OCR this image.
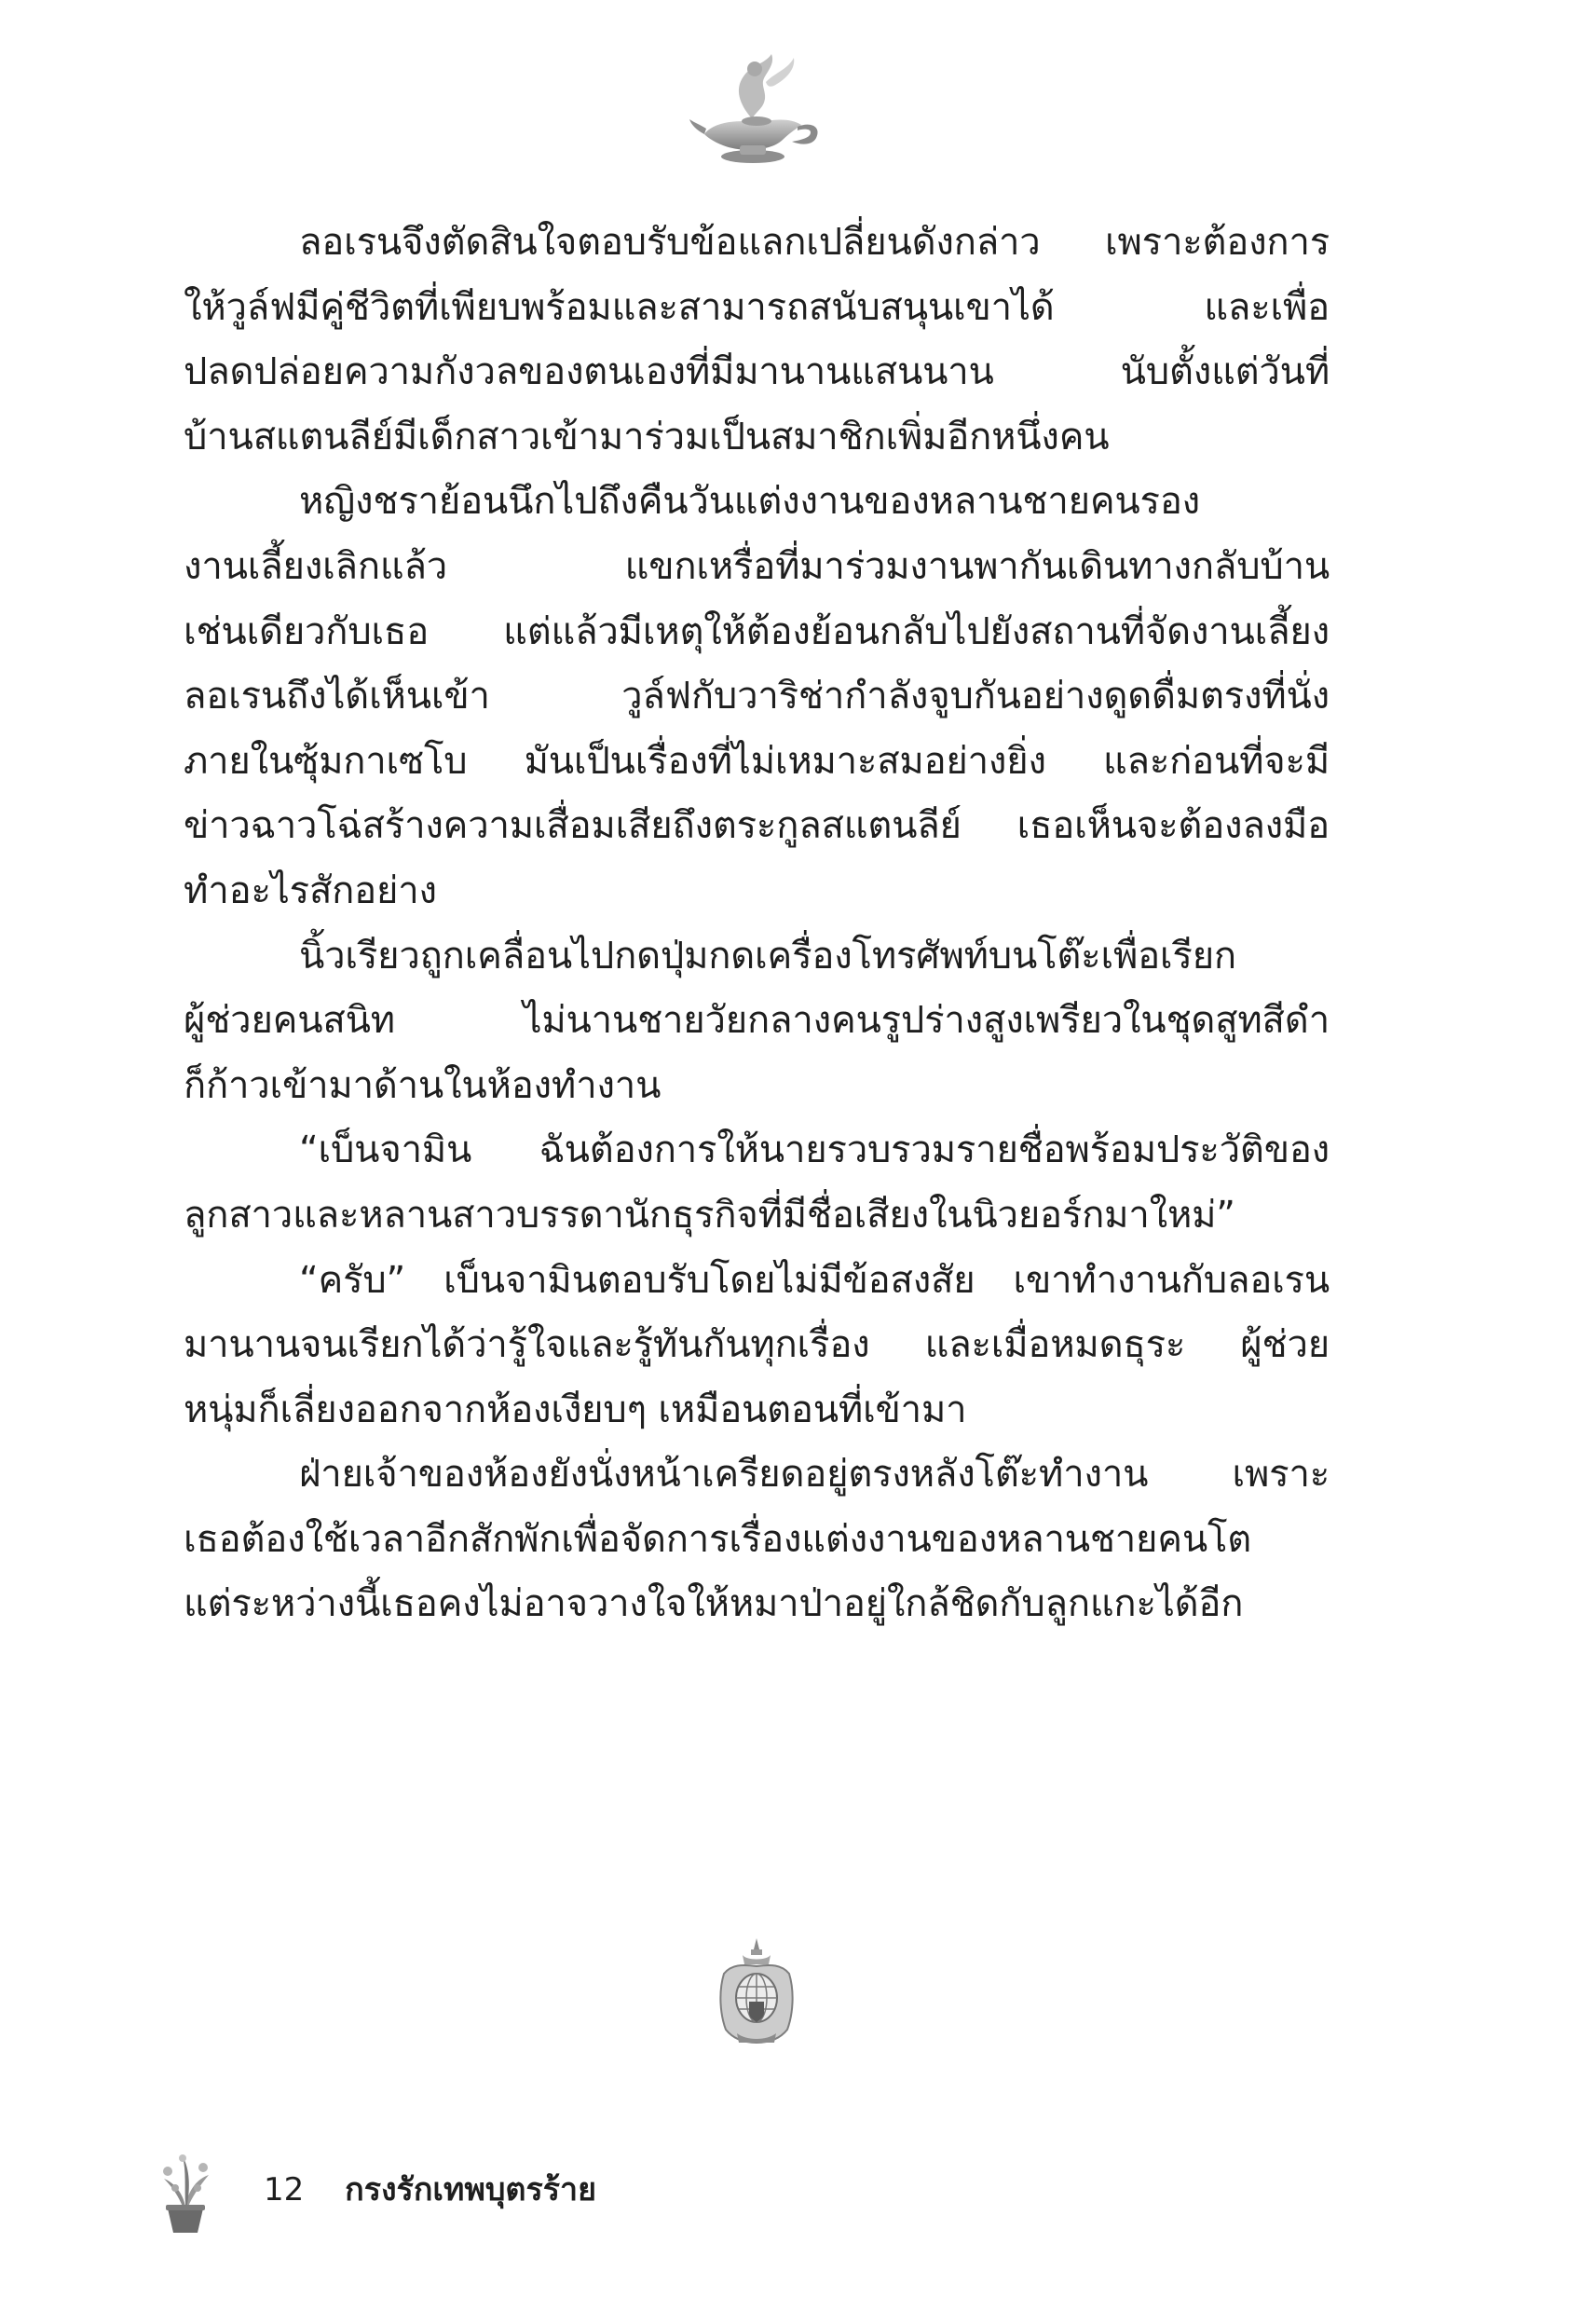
ลอเรนจึงตัดสินใจตอบรับข้อแลกเปลี่ยนดังกล่าว เพราะต้องการ
ให้วูล์ฟมีคู่ชีวิตที่เพียบพร้อมและสามารถสนับสนุนเขาได้ และเพื่อ
ปลดปล่อยความกังวลของตนเองที่มีมานานแสนนาน นับตั้งแต่วันที่
บ้านสแตนลีย์มีเด็กสาวเข้ามาร่วมเป็นสมาชิกเพิ่มอีกหนึ่งคน
หญิงชราย้อนนึกไปถึงคืนวันแต่งงานของหลานชายคนรอง
งานเลี้ยงเลิกแล้ว แขกเหรื่อที่มาร่วมงานพากันเดินทางกลับบ้าน
เช่นเดียวกับเธอ แต่แล้วมีเหตุให้ต้องย้อนกลับไปยังสถานที่จัดงานเลี้ยง
ลอเรนถึงได้เห็นเข้า วูล์ฟกับวาริช่ากำลังจูบกันอย่างดูดดื่มตรงที่นั่ง
ภายในซุ้มกาเซโบ มันเป็นเรื่องที่ไม่เหมาะสมอย่างยิ่ง และก่อนที่จะมี
ข่าวฉาวโฉ่สร้างความเสื่อมเสียถึงตระกูลสแตนลีย์ เธอเห็นจะต้องลงมือ
ทำอะไรสักอย่าง
นิ้วเรียวถูกเคลื่อนไปกดปุ่มกดเครื่องโทรศัพท์บนโต๊ะเพื่อเรียก
ผู้ช่วยคนสนิท ไม่นานชายวัยกลางคนรูปร่างสูงเพรียวในชุดสูทสีดำ
ก็ก้าวเข้ามาด้านในห้องทำงาน
“เบ็นจามิน ฉันต้องการให้นายรวบรวมรายชื่อพร้อมประวัติของ
ลูกสาวและหลานสาวบรรดานักธุรกิจที่มีชื่อเสียงในนิวยอร์กมาใหม่”
“ครับ” เบ็นจามินตอบรับโดยไม่มีข้อสงสัย เขาทำงานกับลอเรน
มานานจนเรียกได้ว่ารู้ใจและรู้ทันกันทุกเรื่อง และเมื่อหมดธุระ ผู้ช่วย
หนุ่มก็เลี่ยงออกจากห้องเงียบๆ เหมือนตอนที่เข้ามา
ฝ่ายเจ้าของห้องยังนั่งหน้าเครียดอยู่ตรงหลังโต๊ะทำงาน เพราะ
เธอต้องใช้เวลาอีกสักพักเพื่อจัดการเรื่องแต่งงานของหลานชายคนโต
แต่ระหว่างนี้เธอคงไม่อาจวางใจให้หมาป่าอยู่ใกล้ชิดกับลูกแกะได้อีก
12 กรงรักเทพบุตรร้าย
